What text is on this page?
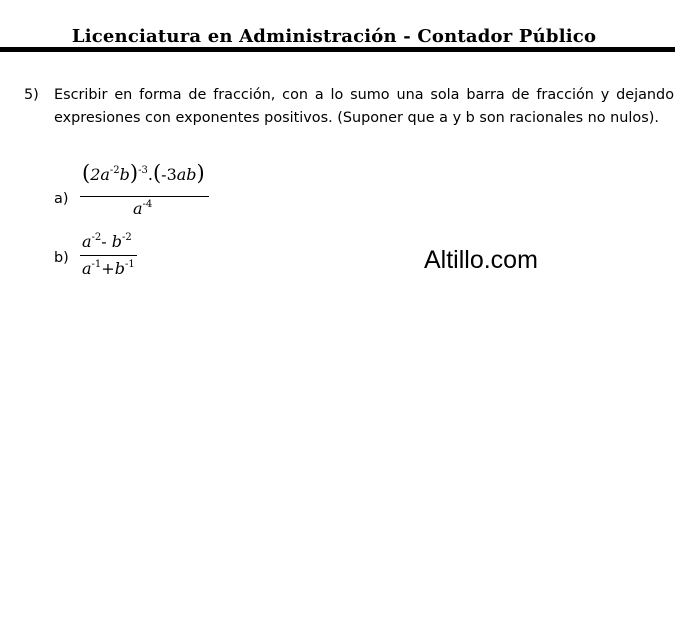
Licenciatura en Administración - Contador Público
5) Escribir en forma de fracción, con a lo sumo una sola barra de fracción y dejando expresiones con exponentes positivos. (Suponer que a y b son racionales no nulos).
a)
$(2a^{-2}b)^{-3}.(-3ab)$
$a^{-4}$
b)
$a^{-2}-$ $b^{-2}$
$a^{-1}+b^{-1}$	Altillo.com
